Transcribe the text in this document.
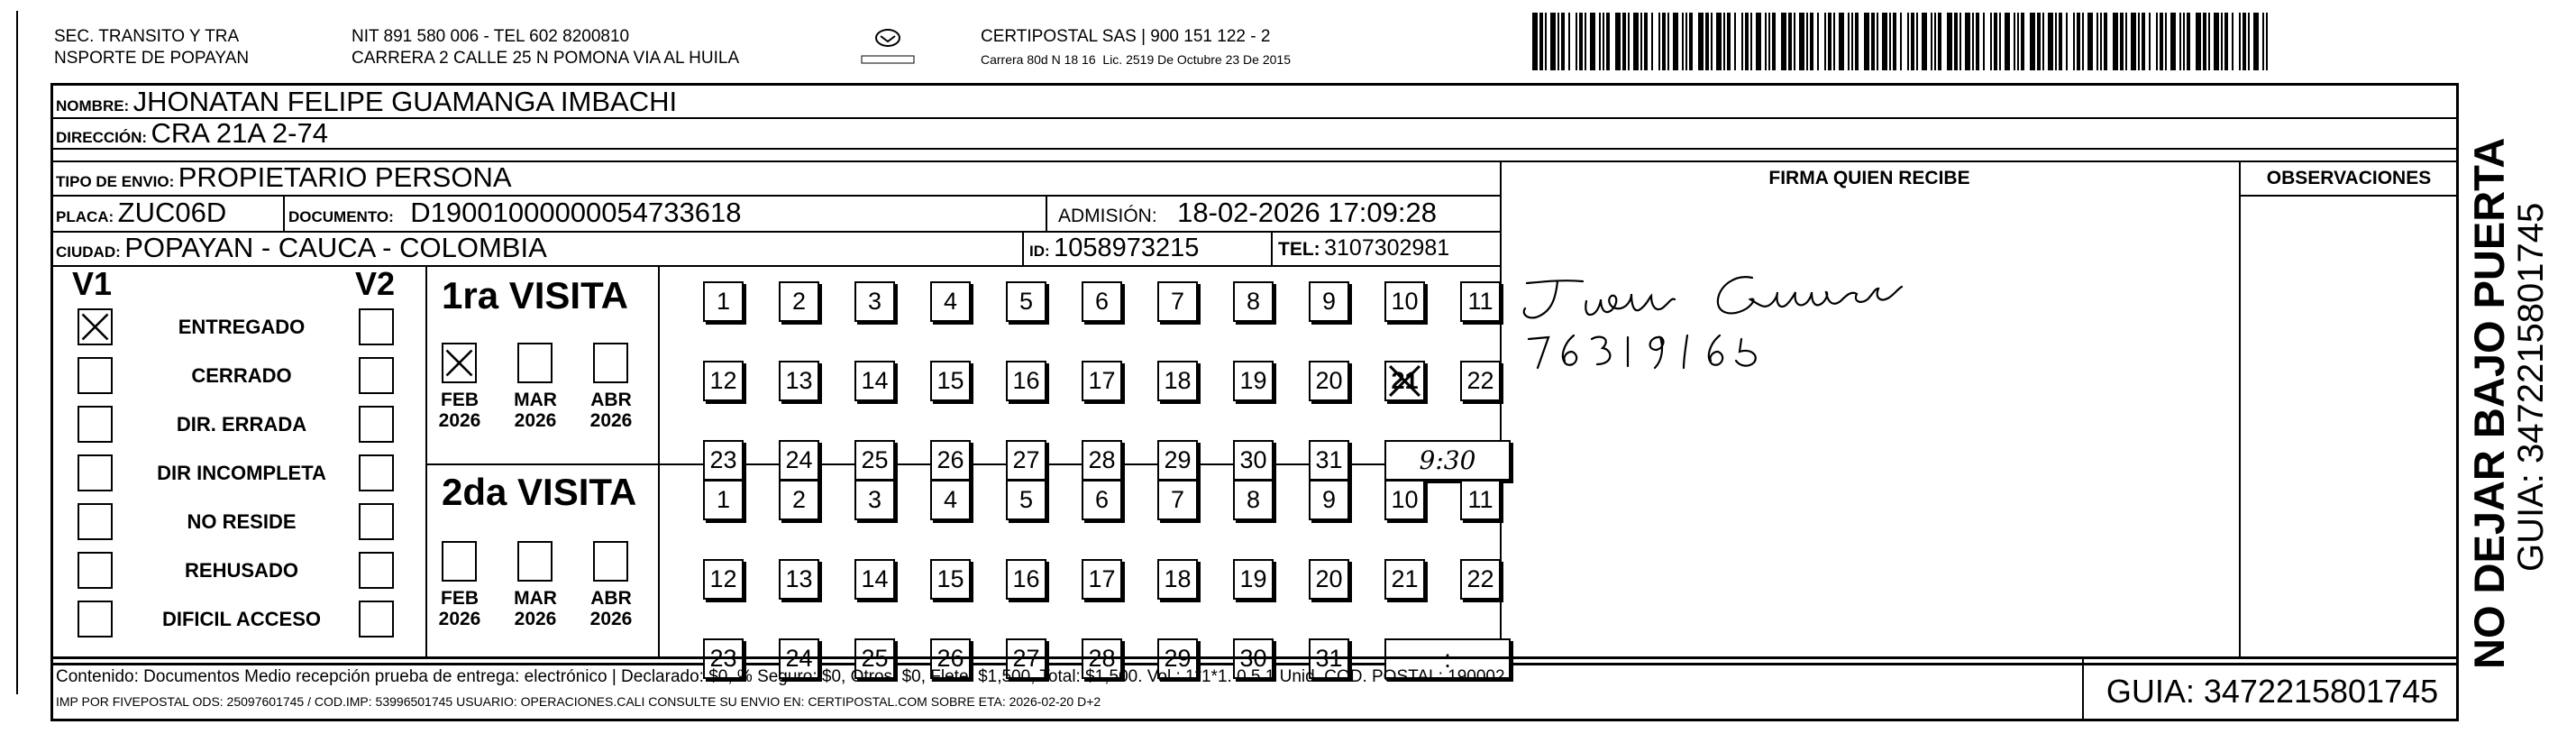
SEC. TRANSITO Y TRA
NSPORTE DE POPAYAN
NIT 891 580 006 - TEL 602 8200810
CARRERA 2 CALLE 25 N POMONA VIA AL HUILA
CERTIPOSTAL SAS | 900 151 122 - 2
Carrera 80d N 18 16  Lic. 2519 De Octubre 23 De 2015
NOMBRE: JHONATAN FELIPE GUAMANGA IMBACHI
DIRECCIÓN: CRA 21A 2-74
TIPO DE ENVIO: PROPIETARIO PERSONA
PLACA: ZUC06D	DOCUMENTO: D19001000000054733618	ADMISIÓN: 18-02-2026 17:09:28
CIUDAD: POPAYAN - CAUCA - COLOMBIA	ID: 1058973215	TEL: 3107302981
FIRMA QUIEN RECIBE	OBSERVACIONES
V1	V2
ENTREGADO
CERRADO
DIR. ERRADA
DIR INCOMPLETA
NO RESIDE
REHUSADO
DIFICIL ACCESO
1ra VISITA
FEB
2026
MAR
2026
ABR
2026
1	2	3	4	5	6	7	8	9	10	11
12 13 14 15 16 17 18 19 20 21 22
23 24 25 26 27 28 29 30 31	9:30
2da VISITA
FEB
2026
MAR
2026
ABR
2026
1	2	3	4	5	6	7	8	9	10	11
12 13 14 15 16 17 18 19 20 21 22
23 24 25 26 27 28 29 30 31	:	NO DEJAR BAJO PUERTA
GUIA: 3472215801745
Contenido: Documentos Medio recepción prueba de entrega: electrónico | Declarado: $0, % Seguro: $0, Otros: $0, Flete: $1,500, Total: $1,500. Vol.: 1*1*1. 0.5 1 Unid. COD. POSTAL: 190002
IMP POR FIVEPOSTAL ODS: 25097601745 / COD.IMP: 53996501745 USUARIO: OPERACIONES.CALI CONSULTE SU ENVIO EN: CERTIPOSTAL.COM SOBRE ETA: 2026-02-20 D+2	GUIA: 3472215801745
